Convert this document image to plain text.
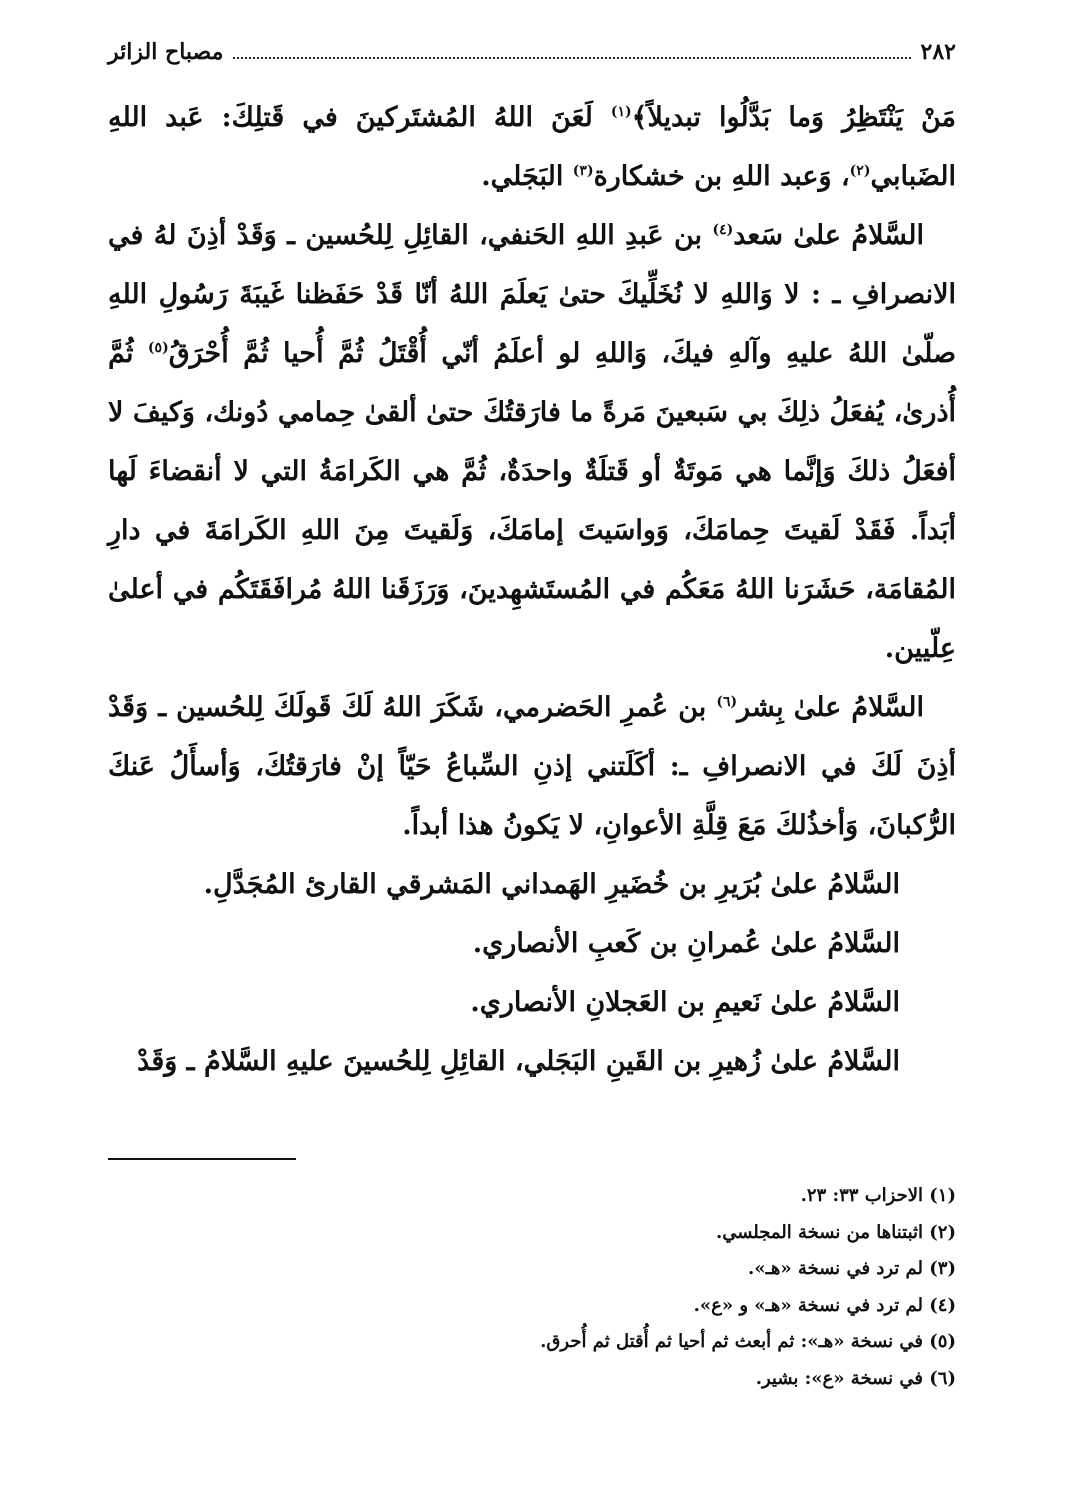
٢٨٢
مصباح الزائر

مَنْ يَنْتَظِرُ وَما بَدَّلُوا تبديلاً﴾$^{(١)}$ لَعَنَ اللهُ المُشتَركينَ في قَتلِكَ: عَبد اللهِ الضَبابي$^{(٢)}$، وَعبد اللهِ بن خشكارة$^{(٣)}$ البَجَلي.

السَّلامُ علىٰ سَعد$^{(٤)}$ بن عَبدِ اللهِ الحَنفي، القائِلِ لِلحُسين ـ وَقَدْ أذِنَ لهُ في الانصرافِ ـ : لا وَاللهِ لا نُخَلِّيكَ حتىٰ يَعلَمَ اللهُ أنّا قَدْ حَفَظنا غَيبَةَ رَسُولِ اللهِ صلّىٰ اللهُ عليهِ وآلهِ فيكَ، وَاللهِ لو أعلَمُ أنّي أُقْتَلُ ثُمَّ أُحيا ثُمَّ أُحْرَقُ$^{(٥)}$ ثُمَّ أُذرىٰ، يُفعَلُ ذلِكَ بي سَبعينَ مَرةً ما فارَقتُكَ حتىٰ ألقىٰ حِمامي دُونك، وَكيفَ لا أفعَلُ ذلكَ وَإنَّما هي مَوتَةٌ أو قَتلَةٌ واحدَةٌ، ثُمَّ هي الكَرامَةُ التي لا أنقضاءَ لَها أبَداً. فَقَدْ لَقيتَ حِمامَكَ، وَواسَيتَ إمامَكَ، وَلَقيتَ مِنَ اللهِ الكَرامَةَ في دارِ المُقامَة، حَشَرَنا اللهُ مَعَكُم في المُستَشهِدينَ، وَرَزَقَنا اللهُ مُرافَقَتَكُم في أعلىٰ عِلّيين.

السَّلامُ علىٰ بِشر$^{(٦)}$ بن عُمرِ الحَضرمي، شَكَرَ اللهُ لَكَ قَولَكَ لِلحُسين ـ وَقَدْ أذِنَ لَكَ في الانصرافِ ـ: أكَلَتني إذنِ السِّباعُ حَيّاً إنْ فارَقتُكَ، وَأسأَلُ عَنكَ الرُّكبانَ، وَأخذُلكَ مَعَ قِلَّةِ الأعوانِ، لا يَكونُ هذا أبداً.

السَّلامُ علىٰ بُرَيرِ بن خُضَيرِ الهَمداني المَشرقي القارئ المُجَدَّلِ.

السَّلامُ علىٰ عُمرانِ بن كَعبِ الأنصاري.

السَّلامُ علىٰ نَعيمِ بن العَجلانِ الأنصاري.

السَّلامُ علىٰ زُهيرِ بن القَينِ البَجَلي، القائِلِ لِلحُسينَ عليهِ السَّلامُ ـ وَقَدْ

(١) الاحزاب ٣٣: ٢٣.

(٢) اثبتناها من نسخة المجلسي.

(٣) لم ترد في نسخة «هـ».

(٤) لم ترد في نسخة «هـ» و «ع».

(٥) في نسخة «هـ»: ثم أبعث ثم أحيا ثم أُقتل ثم أُحرق.

(٦) في نسخة «ع»: بشير.
